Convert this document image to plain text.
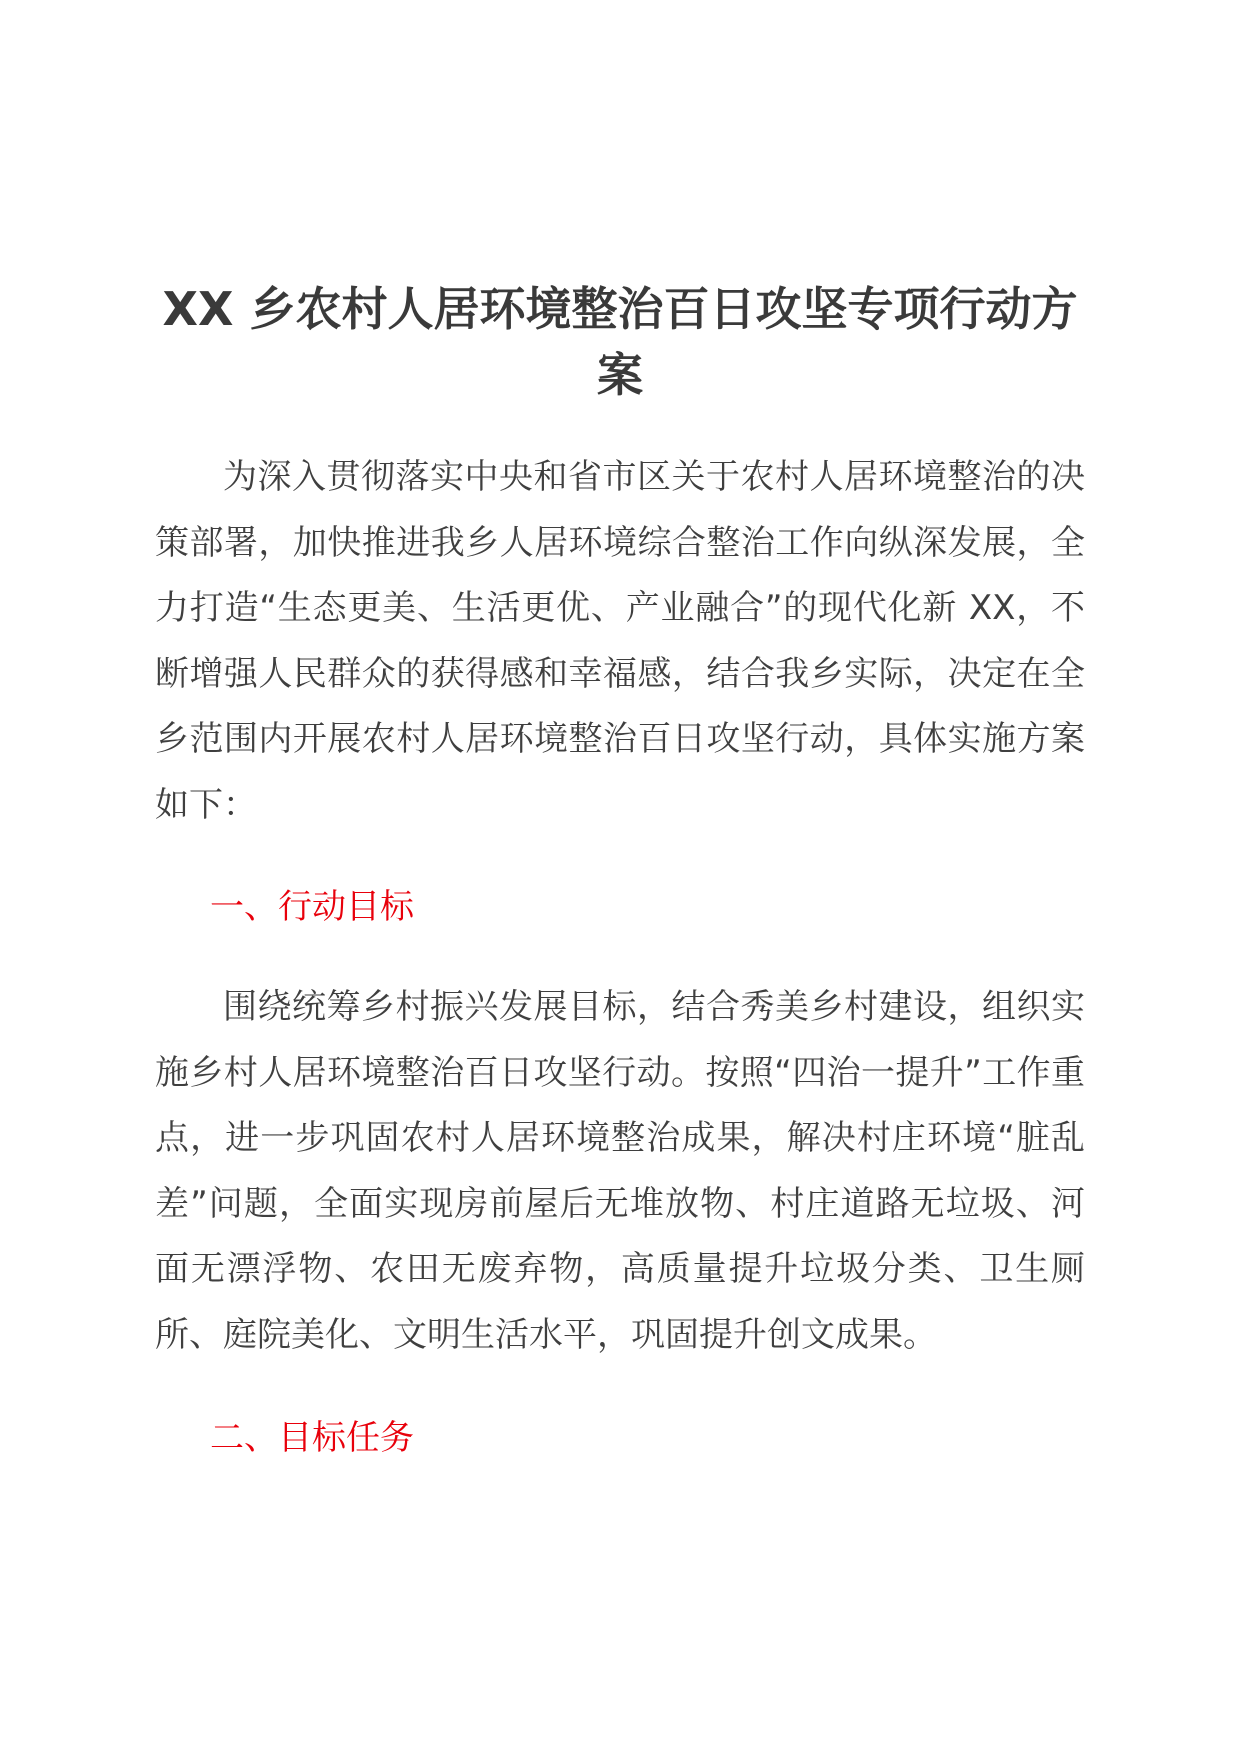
XX 乡农村人居环境整治百日攻坚专项行动方案

为深入贯彻落实中央和省市区关于农村人居环境整治的决策部署，加快推进我乡人居环境综合整治工作向纵深发展，全力打造“生态更美、生活更优、产业融合”的现代化新 XX，不断增强人民群众的获得感和幸福感，结合我乡实际，决定在全乡范围内开展农村人居环境整治百日攻坚行动，具体实施方案如下：

一、行动目标

围绕统筹乡村振兴发展目标，结合秀美乡村建设，组织实施乡村人居环境整治百日攻坚行动。按照“四治一提升”工作重点，进一步巩固农村人居环境整治成果，解决村庄环境“脏乱差”问题，全面实现房前屋后无堆放物、村庄道路无垃圾、河面无漂浮物、农田无废弃物，高质量提升垃圾分类、卫生厕所、庭院美化、文明生活水平，巩固提升创文成果。

二、目标任务
